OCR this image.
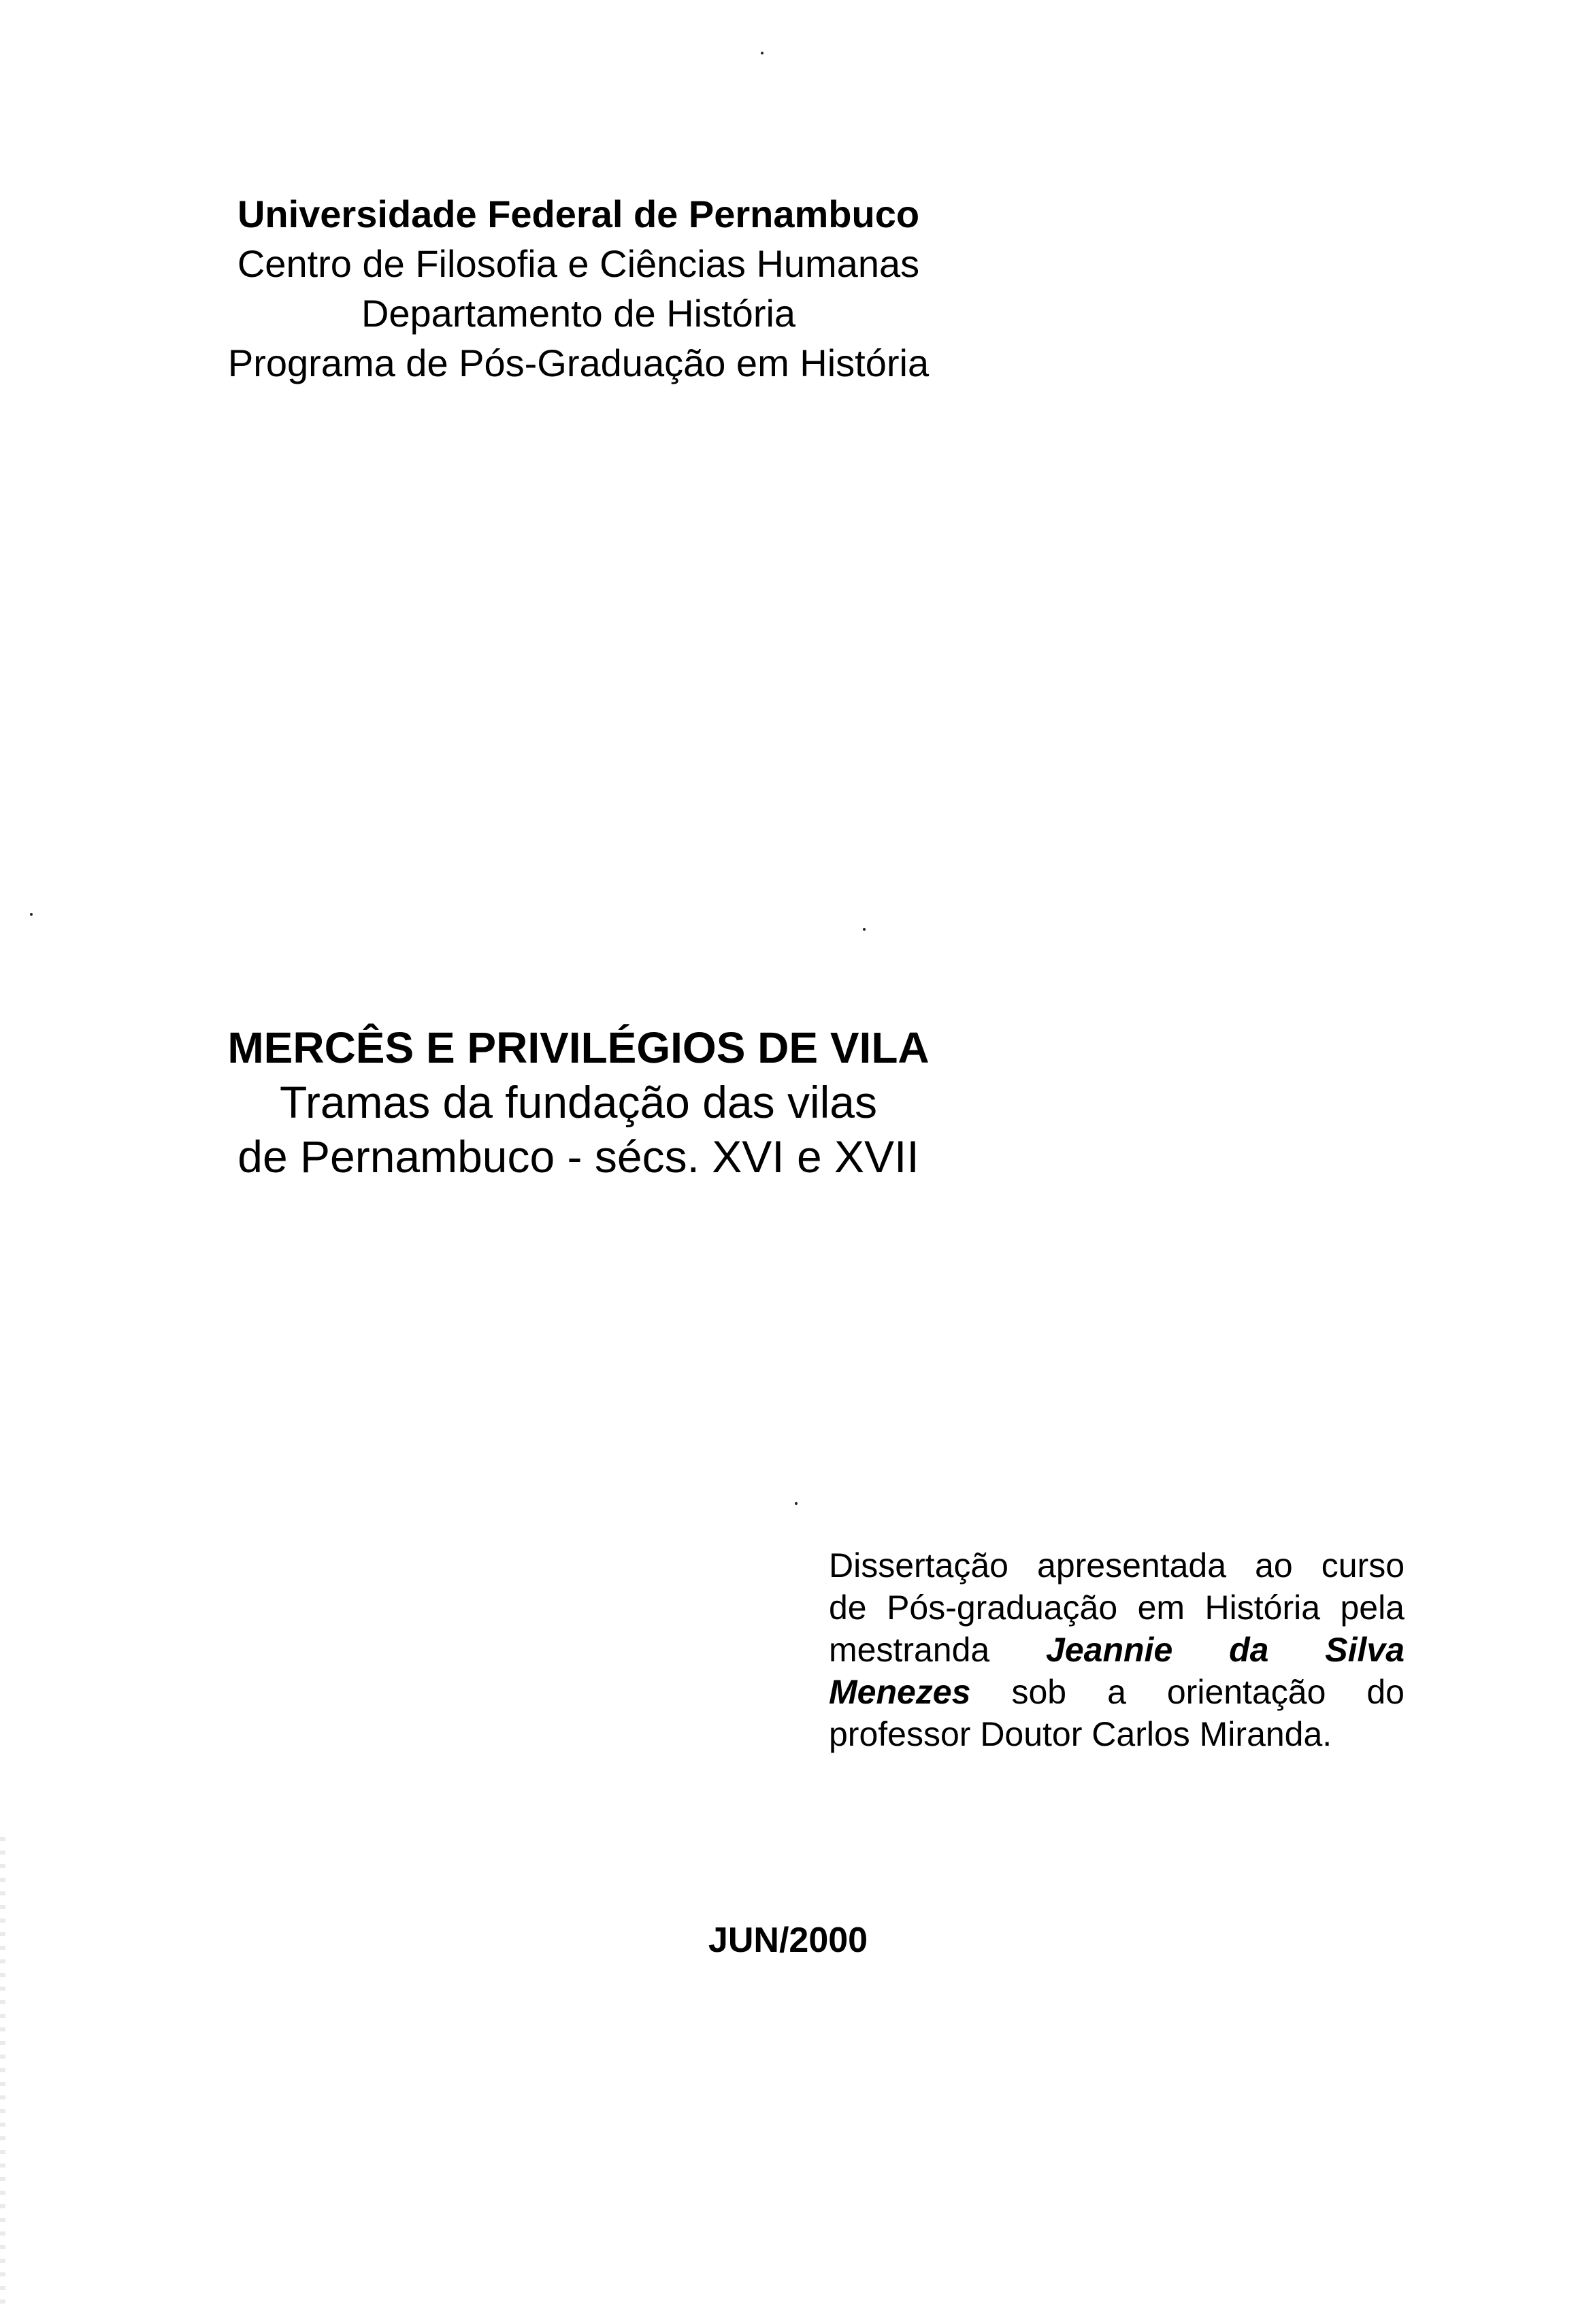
Universidade Federal de Pernambuco
Centro de Filosofia e Ciências Humanas
Departamento de História
Programa de Pós-Graduação em História
MERCÊS E PRIVILÉGIOS DE VILA
Tramas da fundação das vilas
de Pernambuco - sécs. XVI e XVII
Dissertação apresentada ao curso
de Pós-graduação em História pela
mestranda Jeannie da Silva
Menezes sob a orientação do
professor Doutor Carlos Miranda.
JUN/2000
